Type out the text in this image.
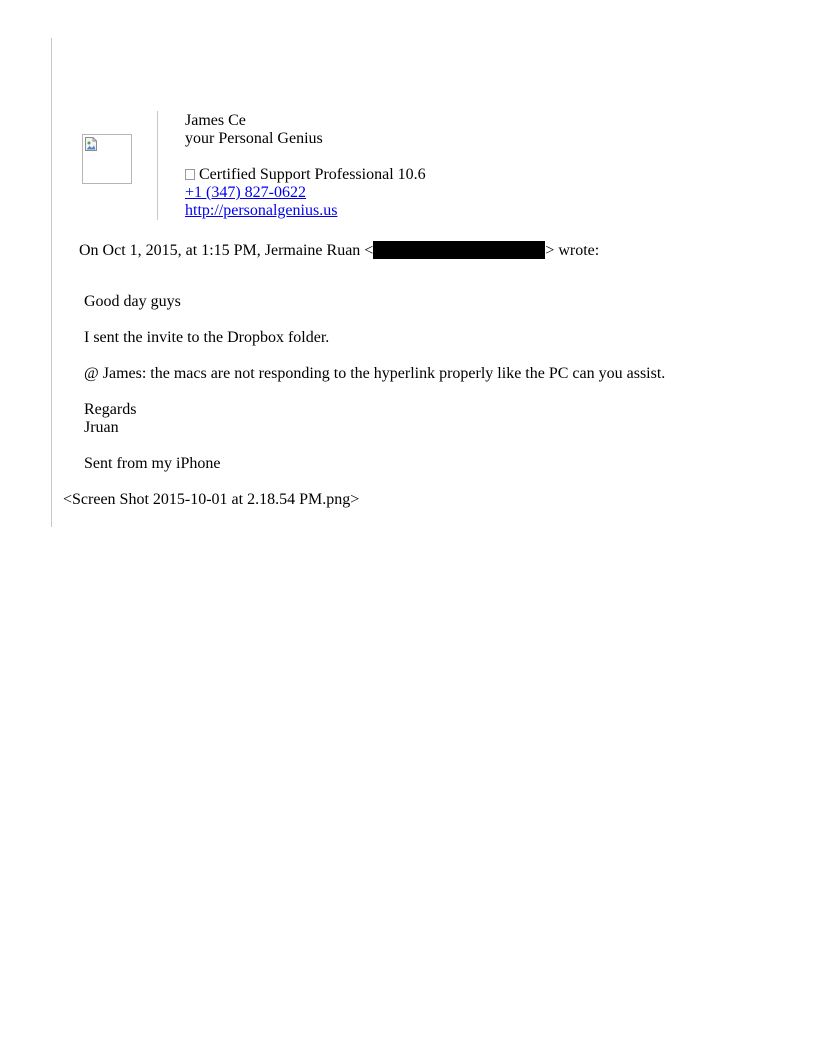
James Ce
your Personal Genius
Certified Support Professional 10.6
+1 (347) 827-0622
http://personalgenius.us
On Oct 1, 2015, at 1:15 PM, Jermaine Ruan <	> wrote:
Good day guys
I sent the invite to the Dropbox folder.
@ James: the macs are not responding to the hyperlink properly like the PC can you assist.
Regards
Jruan
Sent from my iPhone
<Screen Shot 2015-10-01 at 2.18.54 PM.png>
